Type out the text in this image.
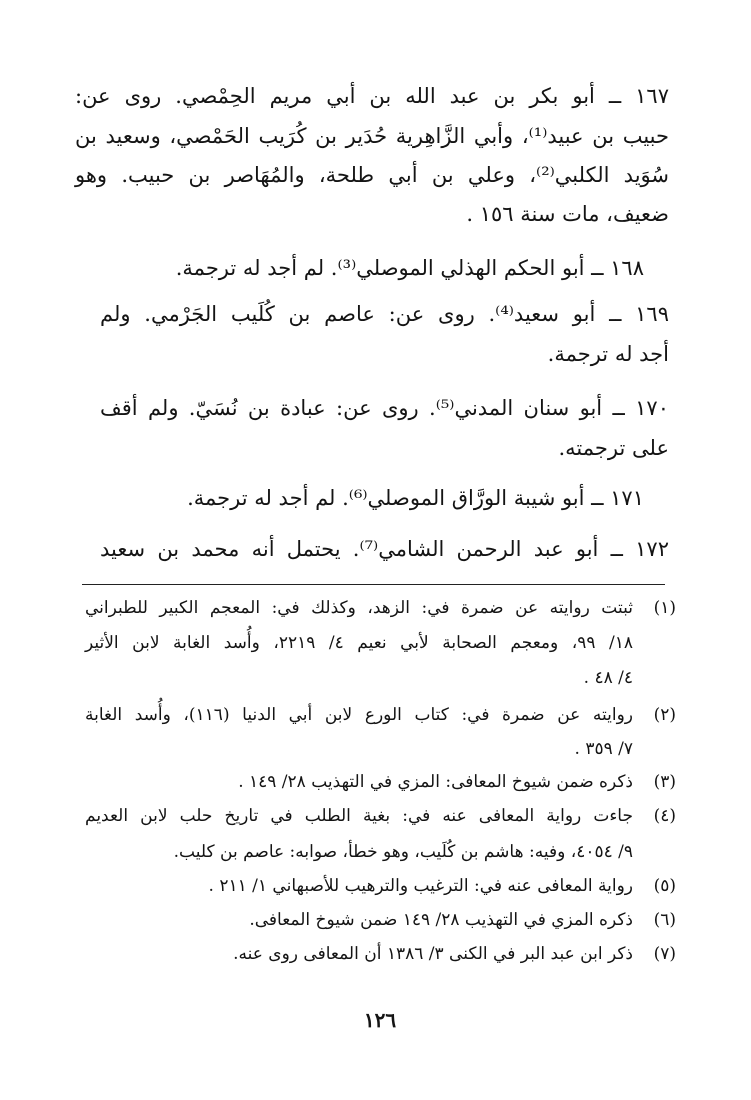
١٦٧ ــ أبو بكر بن عبد الله بن أبي مريم الحِمْصي. روى عن:
حبيب بن عبيد⁽¹⁾، وأبي الزَّاهِرية حُدَير بن كُرَيب الحَمْصي، وسعيد بن
سُوَيد الكلبي⁽²⁾، وعلي بن أبي طلحة، والمُهَاصر بن حبيب. وهو
ضعيف، مات سنة ١٥٦ .
١٦٨ ــ أبو الحكم الهذلي الموصلي⁽³⁾. لم أجد له ترجمة.
١٦٩ ــ أبو سعيد⁽⁴⁾. روى عن: عاصم بن كُلَيب الجَرْمي. ولم
أجد له ترجمة.
١٧٠ ــ أبو سنان المدني⁽⁵⁾. روى عن: عبادة بن نُسَيّ. ولم أقف
على ترجمته.
١٧١ ــ أبو شيبة الورَّاق الموصلي⁽⁶⁾. لم أجد له ترجمة.
١٧٢ ــ أبو عبد الرحمن الشامي⁽⁷⁾. يحتمل أنه محمد بن سعيد
(١)
ثبتت روايته عن ضمرة في: الزهد، وكذلك في: المعجم الكبير للطبراني
١٨/ ٩٩، ومعجم الصحابة لأبي نعيم ٤/ ٢٢١٩، وأُسد الغابة لابن الأثير
٤/ ٤٨ .
(٢)
روايته عن ضمرة في: كتاب الورع لابن أبي الدنيا (١١٦)، وأُسد الغابة
٧/ ٣٥٩ .
(٣)
ذكره ضمن شيوخ المعافى: المزي في التهذيب ٢٨/ ١٤٩ .
(٤)
جاءت رواية المعافى عنه في: بغية الطلب في تاريخ حلب لابن العديم
٩/ ٤٠٥٤، وفيه: هاشم بن كُلَيب، وهو خطأ، صوابه: عاصم بن كليب.
(٥)
رواية المعافى عنه في: الترغيب والترهيب للأصبهاني ١/ ٢١١ .
(٦)
ذكره المزي في التهذيب ٢٨/ ١٤٩ ضمن شيوخ المعافى.
(٧)
ذكر ابن عبد البر في الكنى ٣/ ١٣٨٦ أن المعافى روى عنه.
١٢٦
